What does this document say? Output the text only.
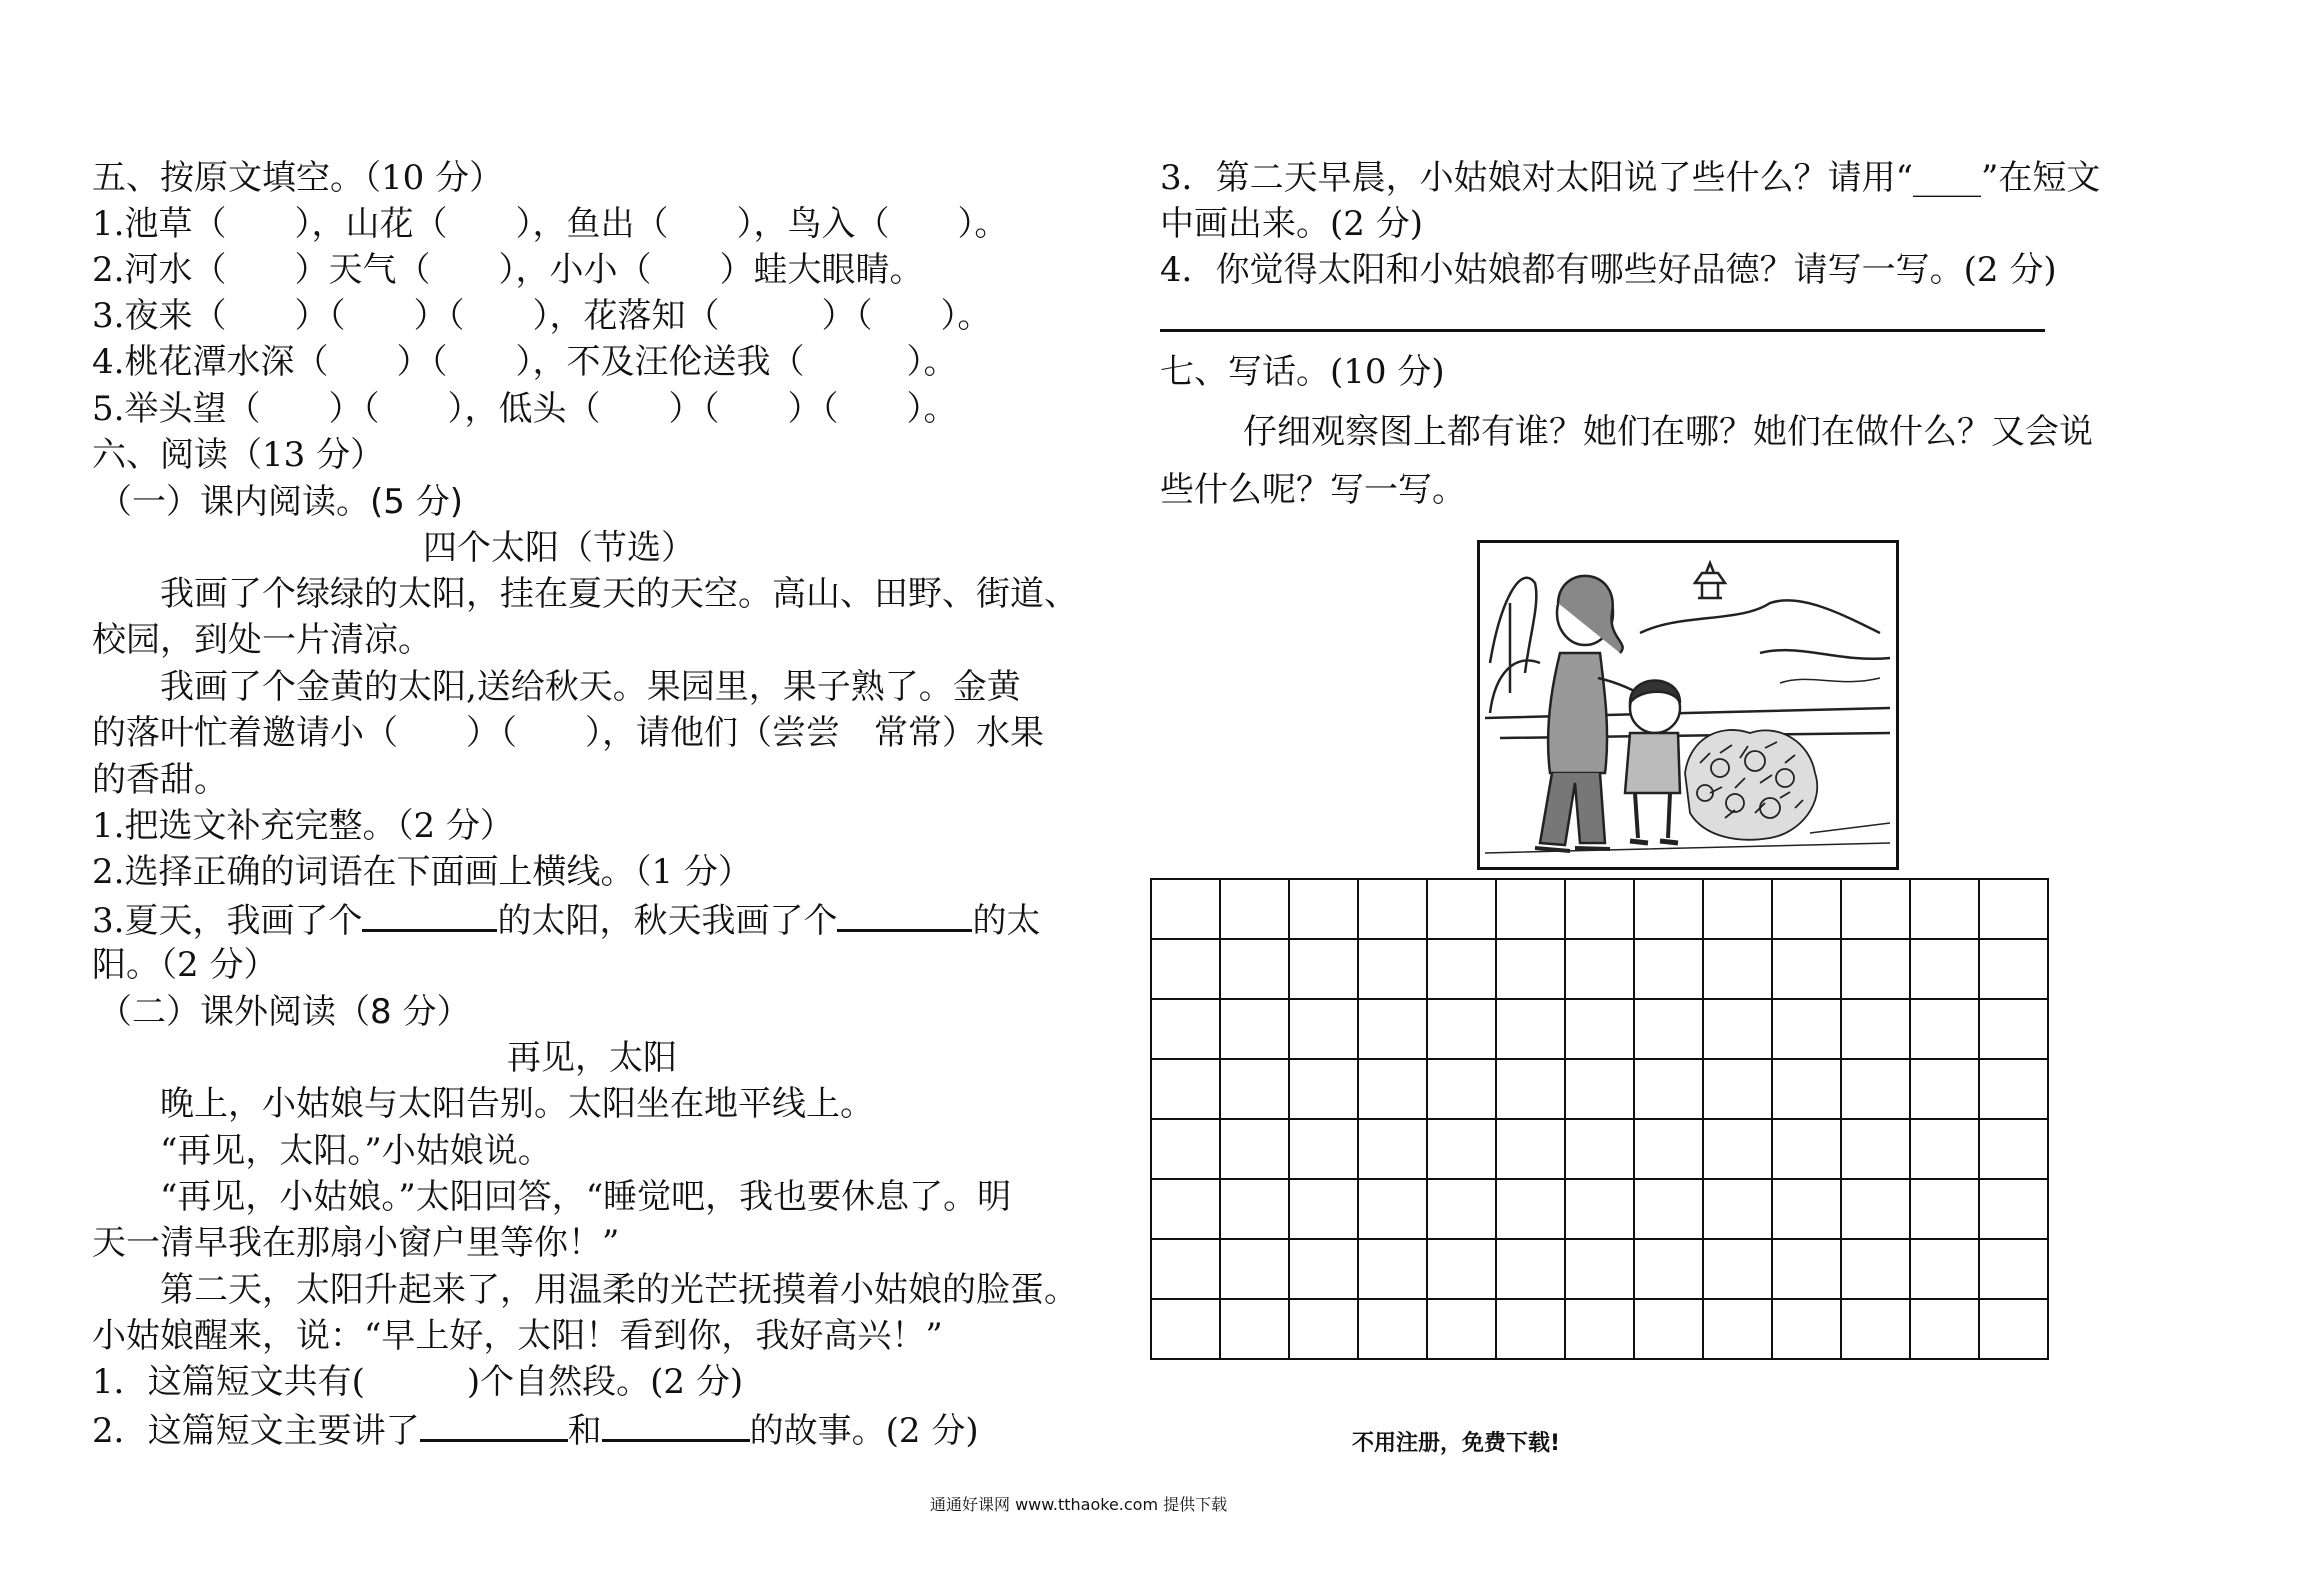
五、按原文填空。（10 分）
1.池草（　　），山花（　　），鱼出（　　），鸟入（　　）。
2.河水（　　）天气（　　），小小（　　）蛙大眼睛。
3.夜来（　　）（　　）（　　），花落知（　　　）（　　）。
4.桃花潭水深（　　）（　　），不及汪伦送我（　　　）。
5.举头望（　　）（　　），低头（　　）（　　）（　　）。
六、阅读（13 分）
（一）课内阅读。(5 分)
四个太阳（节选）
我画了个绿绿的太阳，挂在夏天的天空。高山、田野、街道、
校园，到处一片清凉。
我画了个金黄的太阳,送给秋天。果园里，果子熟了。金黄
的落叶忙着邀请小（　　）（　　），请他们（尝尝　常常）水果
的香甜。
1.把选文补充完整。（2 分）
2.选择正确的词语在下面画上横线。（1 分）
3.夏天，我画了个	的太阳，秋天我画了个	的太
阳。（2 分）
（二）课外阅读（8 分）
再见，太阳
晚上，小姑娘与太阳告别。太阳坐在地平线上。
“再见，太阳。”小姑娘说。
“再见，小姑娘。”太阳回答，“睡觉吧，我也要休息了。明
天一清早我在那扇小窗户里等你！”
第二天，太阳升起来了，用温柔的光芒抚摸着小姑娘的脸蛋。
小姑娘醒来，说：“早上好，太阳！看到你，我好高兴！”
1．这篇短文共有(　　　)个自然段。(2 分)
2．这篇短文主要讲了	和	的故事。(2 分)
3．第二天早晨，小姑娘对太阳说了些什么？请用“____”在短文
中画出来。(2 分)
4．你觉得太阳和小姑娘都有哪些好品德？请写一写。(2 分)
七、写话。(10 分)
仔细观察图上都有谁？她们在哪？她们在做什么？又会说
些什么呢？写一写。

不用注册，免费下载!
通通好课网 www.tthaoke.com 提供下载
